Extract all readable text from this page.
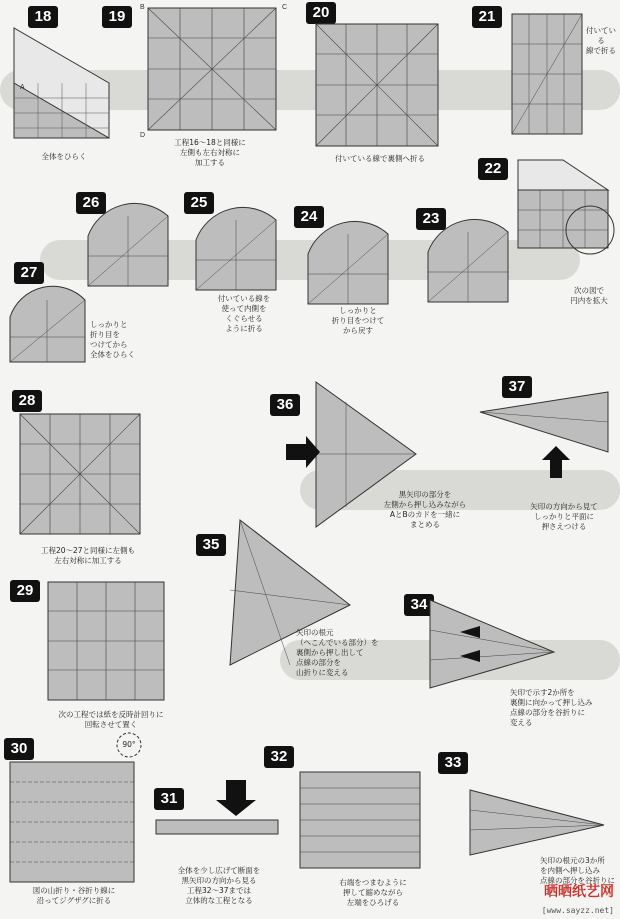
18
全体をひらく
19
工程16～18と同様に
左側も左右対称に
加工する
20
付いている線で裏側へ折る
21
付いている
線で折る
22
次の図で
円内を拡大
23
24
しっかりと
折り目をつけて
から戻す
25
付いている線を
使って内側を
くぐらせる
ように折る
26
27
しっかりと
折り目を
つけてから
全体をひらく
28
工程20～27と同様に左側も
左右対称に加工する
29
次の工程では紙を反時計回りに
回転させて置く
30
図の山折り・谷折り線に
沿ってジグザグに折る
90°
31
全体を少し広げて断面を
黒矢印の方向から見る
工程32～37までは
立体的な工程となる
32
右端をつまむように
押して縮めながら
左端をひろげる
33
矢印の根元の3か所
を内側へ押し込み
点線の部分を谷折りに
34
矢印で示す2か所を
裏側に向かって押し込み
点線の部分を谷折りに
変える
35
矢印の根元
（へこんでいる部分）を
裏側から押し出して
点線の部分を
山折りに変える
36
黒矢印の部分を
左側から押し込みながら
AとBのカドを一緒に
まとめる
37
矢印の方向から見て
しっかりと平面に
押さえつける
A
B	C
D
晒晒纸艺网
[www.sayzz.net]
